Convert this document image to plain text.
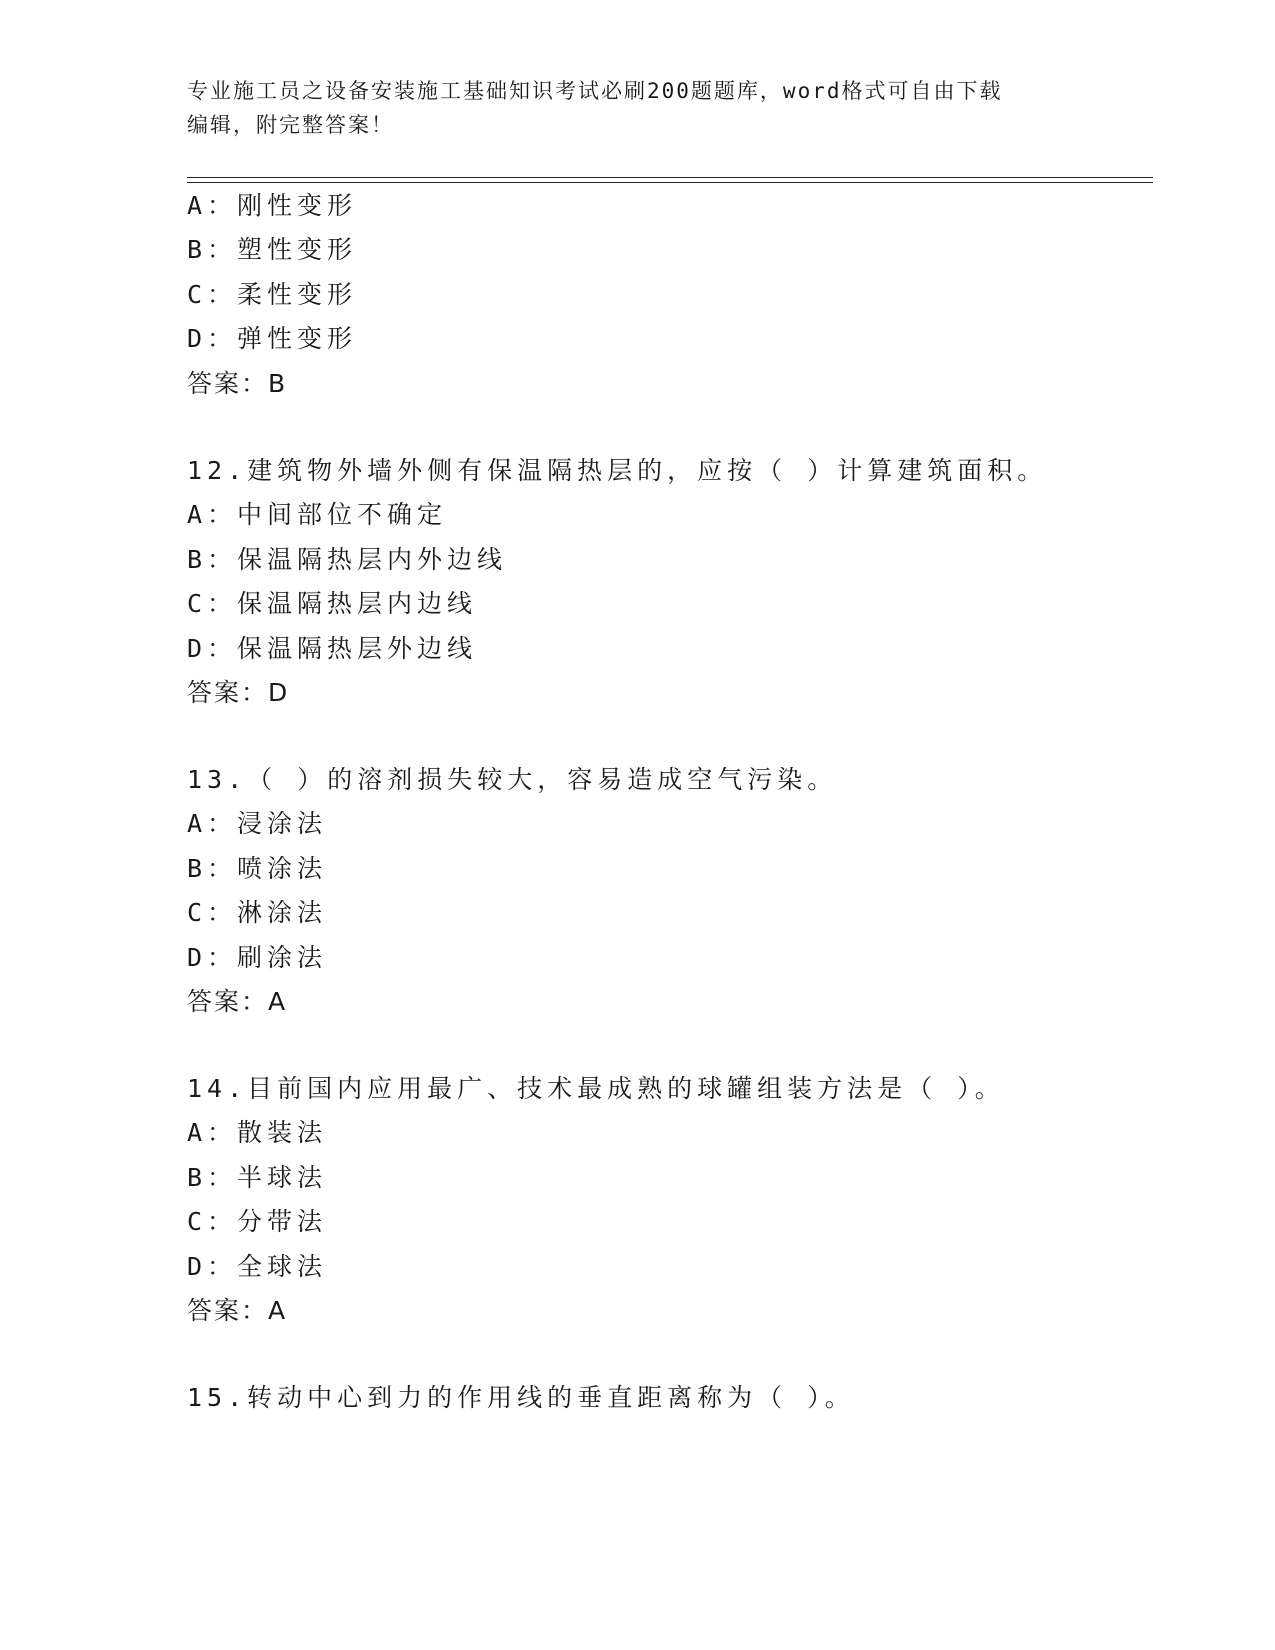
专业施工员之设备安装施工基础知识考试必刷200题题库，word格式可自由下载
编辑，附完整答案！
A：刚性变形
B：塑性变形
C：柔性变形
D：弹性变形
答案：B
12.建筑物外墙外侧有保温隔热层的，应按（ ）计算建筑面积。
A：中间部位不确定
B：保温隔热层内外边线
C：保温隔热层内边线
D：保温隔热层外边线
答案：D
13.（ ）的溶剂损失较大，容易造成空气污染。
A：浸涂法
B：喷涂法
C：淋涂法
D：刷涂法
答案：A
14.目前国内应用最广、技术最成熟的球罐组装方法是（ ）。
A：散装法
B：半球法
C：分带法
D：全球法
答案：A
15.转动中心到力的作用线的垂直距离称为（ ）。
